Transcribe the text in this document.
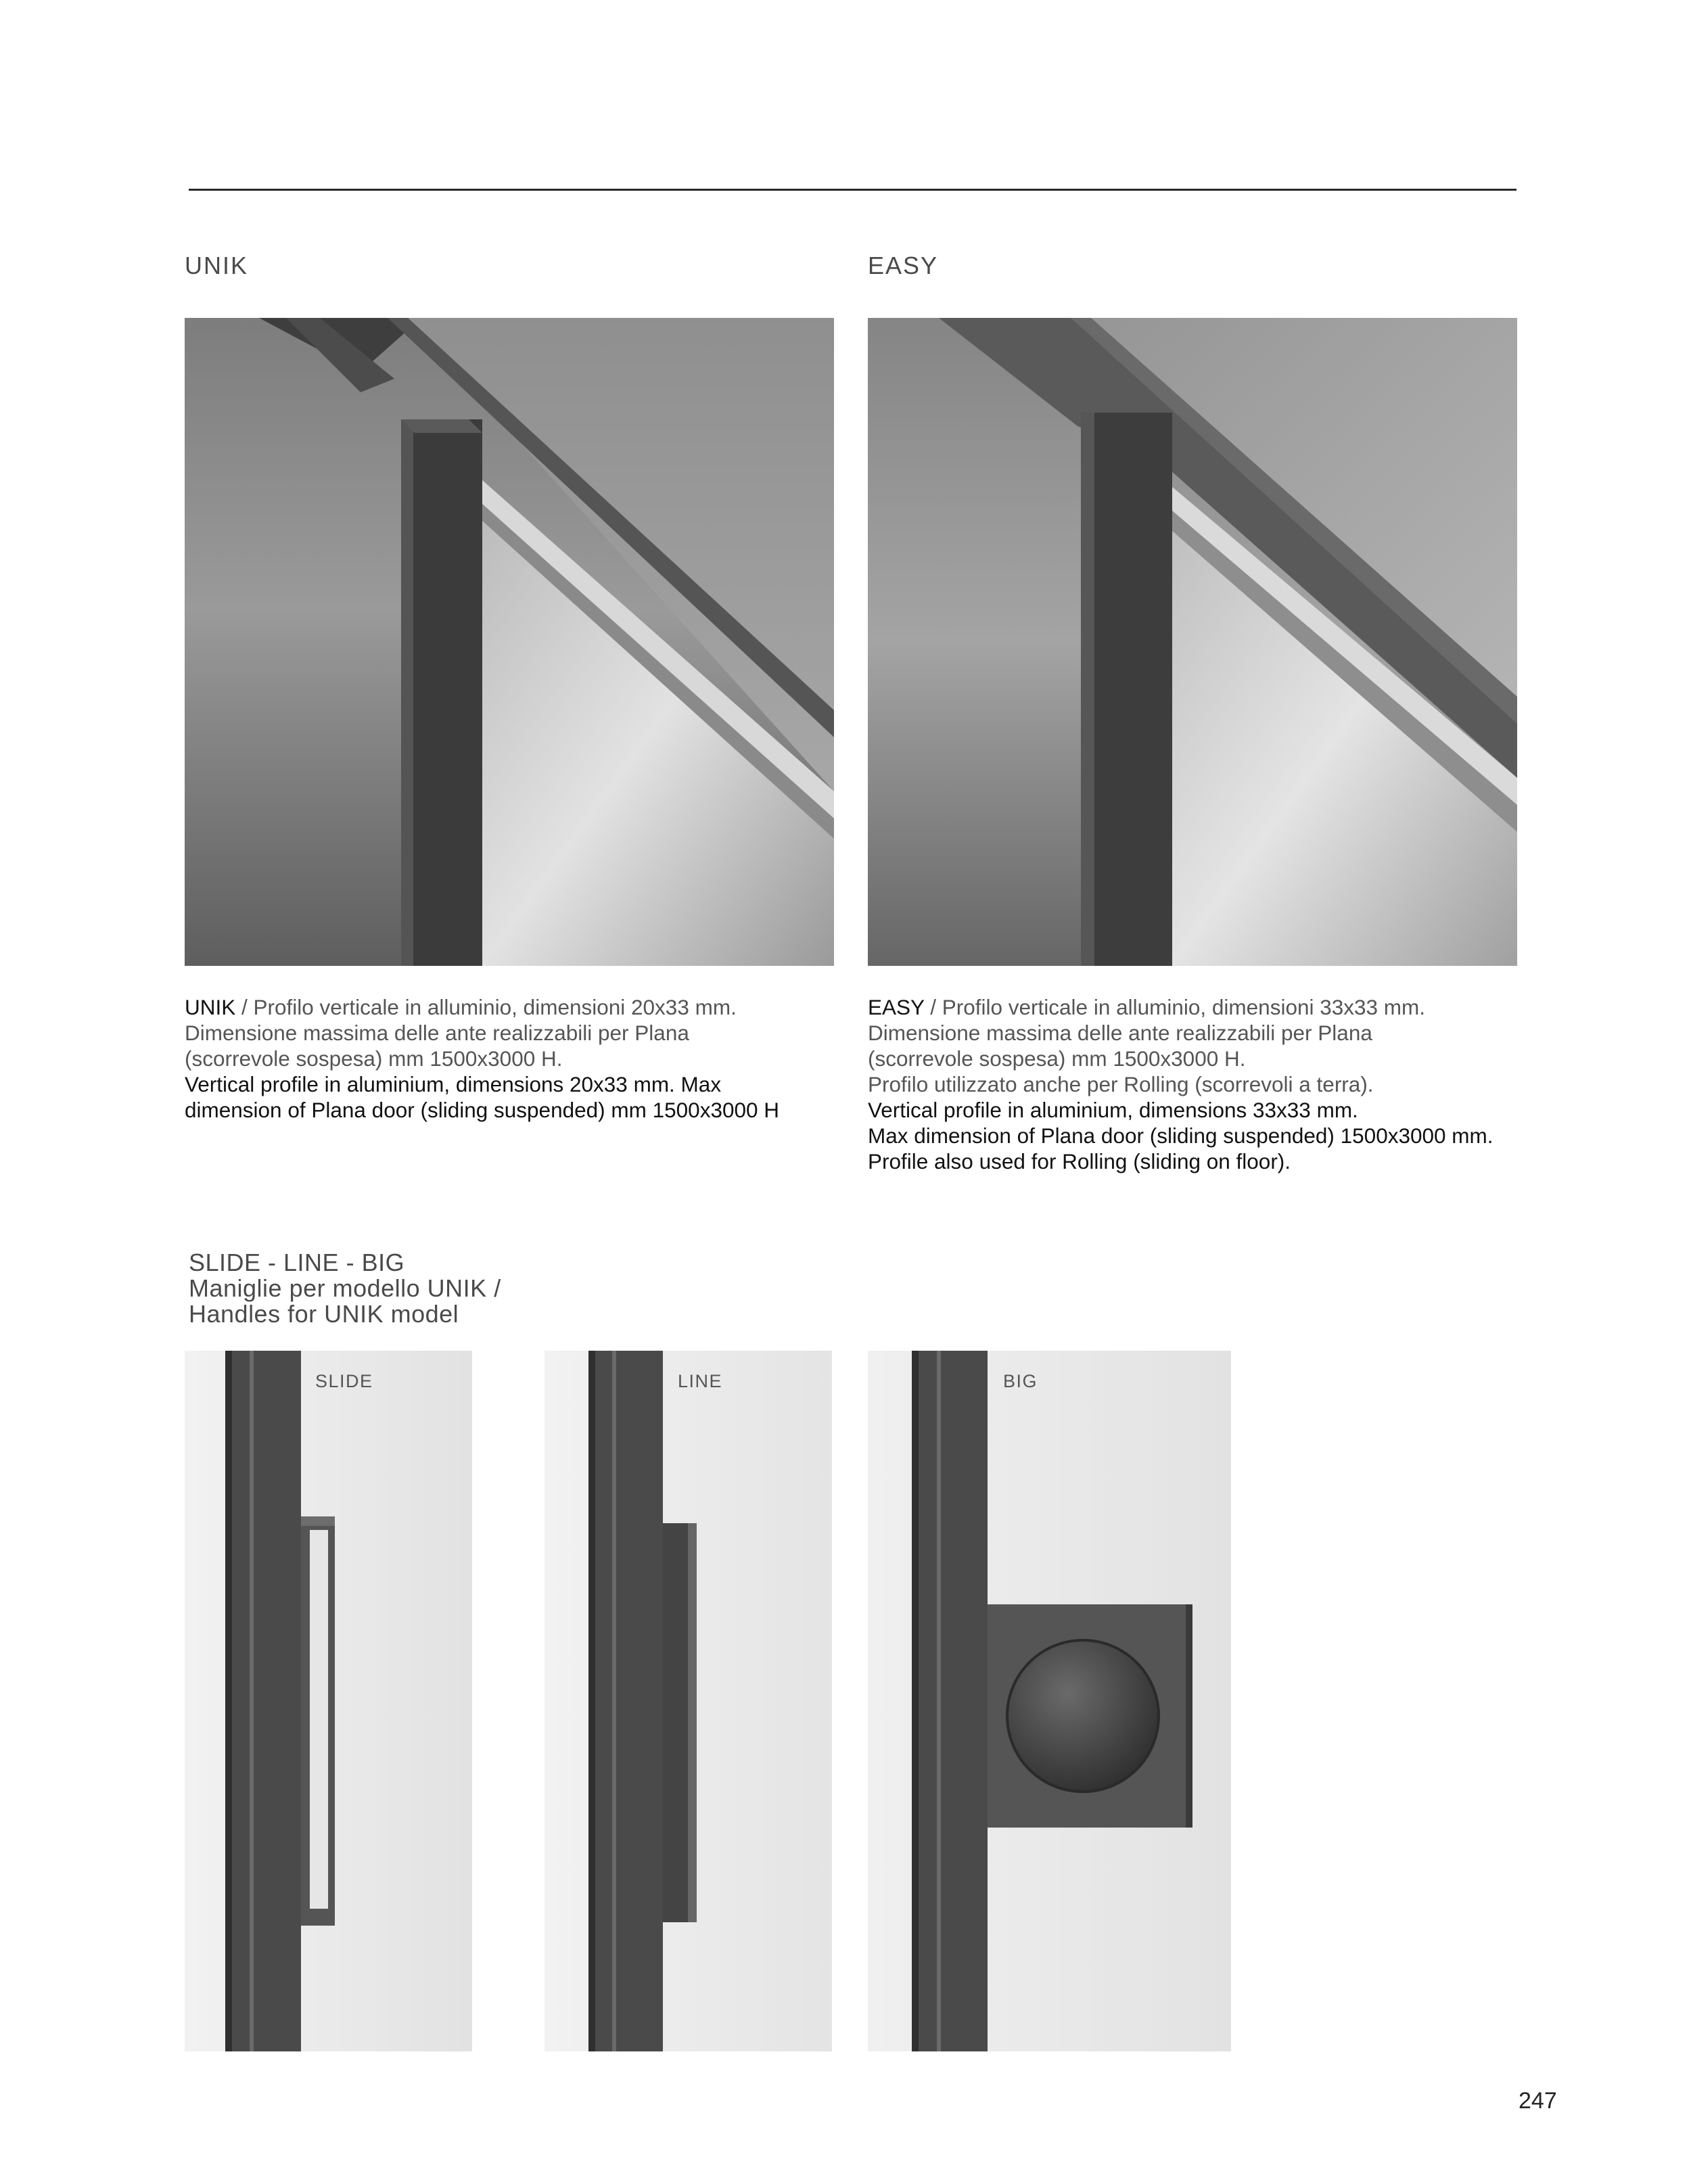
UNIK

UNIK / Profilo verticale in alluminio, dimensioni 20x33 mm.

Dimensione massima delle ante realizzabili per Plana

(scorrevole sospesa) mm 1500x3000 H.

Vertical profile in aluminium, dimensions 20x33 mm. Max

dimension of Plana door (sliding suspended) mm 1500x3000 H

EASY

EASY / Profilo verticale in alluminio, dimensioni 33x33 mm.

Dimensione massima delle ante realizzabili per Plana

(scorrevole sospesa) mm 1500x3000 H.

Profilo utilizzato anche per Rolling (scorrevoli a terra).

Vertical profile in aluminium, dimensions 33x33 mm.

Max dimension of Plana door (sliding suspended) 1500x3000 mm.

Profile also used for Rolling (sliding on floor).

SLIDE - LINE - BIG
Maniglie per modello UNIK /
Handles for UNIK model
SLIDE	LINE	BIG
247
